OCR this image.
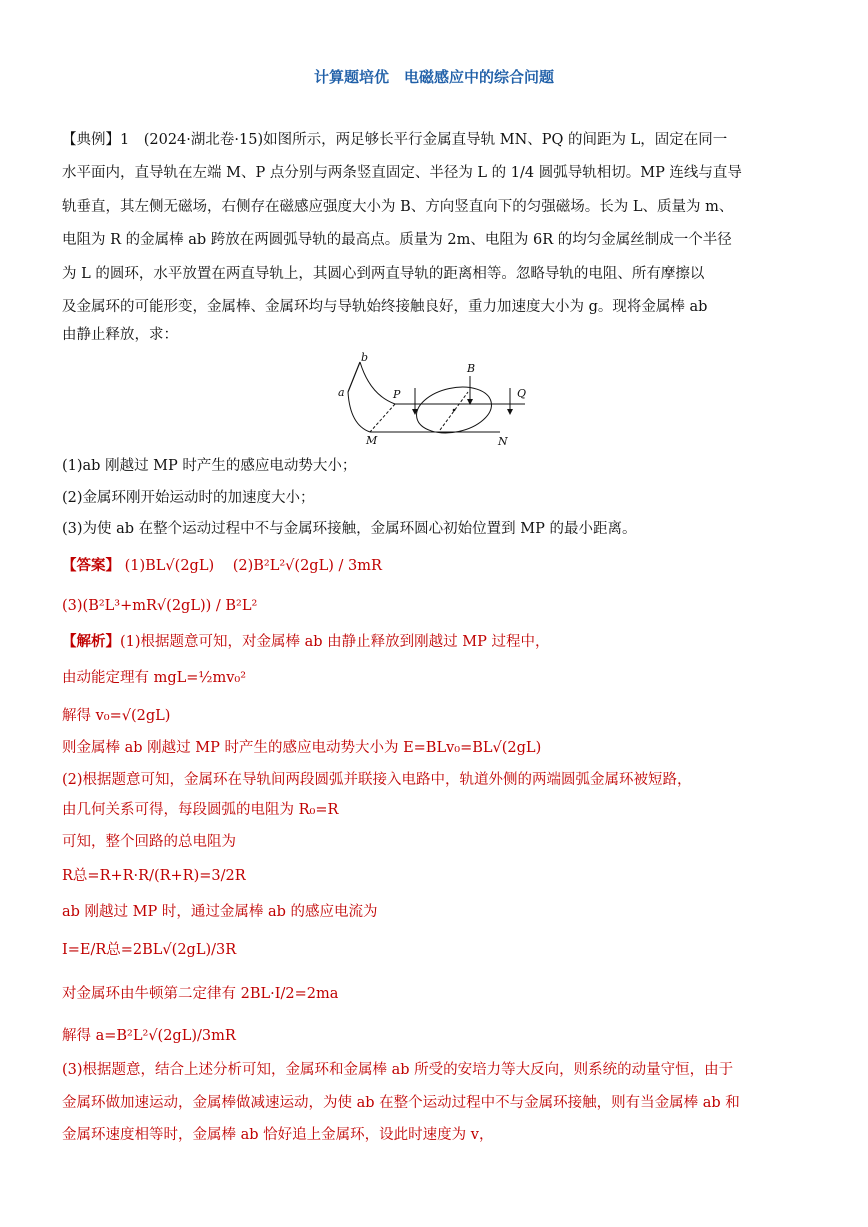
计算题培优　电磁感应中的综合问题
【典例】1　(2024·湖北卷·15)如图所示，两足够长平行金属直导轨 MN、PQ 的间距为 L，固定在同一
水平面内，直导轨在左端 M、P 点分别与两条竖直固定、半径为 L 的 1/4 圆弧导轨相切。MP 连线与直导
轨垂直，其左侧无磁场，右侧存在磁感应强度大小为 B、方向竖直向下的匀强磁场。长为 L、质量为 m、
电阻为 R 的金属棒 ab 跨放在两圆弧导轨的最高点。质量为 2m、电阻为 6R 的均匀金属丝制成一个半径
为 L 的圆环，水平放置在两直导轨上，其圆心到两直导轨的距离相等。忽略导轨的电阻、所有摩擦以
及金属环的可能形变，金属棒、金属环均与导轨始终接触良好，重力加速度大小为 g。现将金属棒 ab
由静止释放，求：
a
b
P
M
B
Q
N
(1)ab 刚越过 MP 时产生的感应电动势大小；
(2)金属环刚开始运动时的加速度大小；
(3)为使 ab 在整个运动过程中不与金属环接触，金属环圆心初始位置到 MP 的最小距离。
【答案】 (1)BL√(2gL) (2)B²L²√(2gL) / 3mR
(3)(B²L³+mR√(2gL)) / B²L²
【解析】(1)根据题意可知，对金属棒 ab 由静止释放到刚越过 MP 过程中，
由动能定理有 mgL=½mv₀²
解得 v₀=√(2gL)
则金属棒 ab 刚越过 MP 时产生的感应电动势大小为 E=BLv₀=BL√(2gL)
(2)根据题意可知，金属环在导轨间两段圆弧并联接入电路中，轨道外侧的两端圆弧金属环被短路，
由几何关系可得，每段圆弧的电阻为 R₀=R
可知，整个回路的总电阻为
R总=R+R·R/(R+R)=3/2R
ab 刚越过 MP 时，通过金属棒 ab 的感应电流为
I=E/R总=2BL√(2gL)/3R
对金属环由牛顿第二定律有 2BL·I/2=2ma
解得 a=B²L²√(2gL)/3mR
(3)根据题意，结合上述分析可知，金属环和金属棒 ab 所受的安培力等大反向，则系统的动量守恒，由于
金属环做加速运动，金属棒做减速运动，为使 ab 在整个运动过程中不与金属环接触，则有当金属棒 ab 和
金属环速度相等时，金属棒 ab 恰好追上金属环，设此时速度为 v，
